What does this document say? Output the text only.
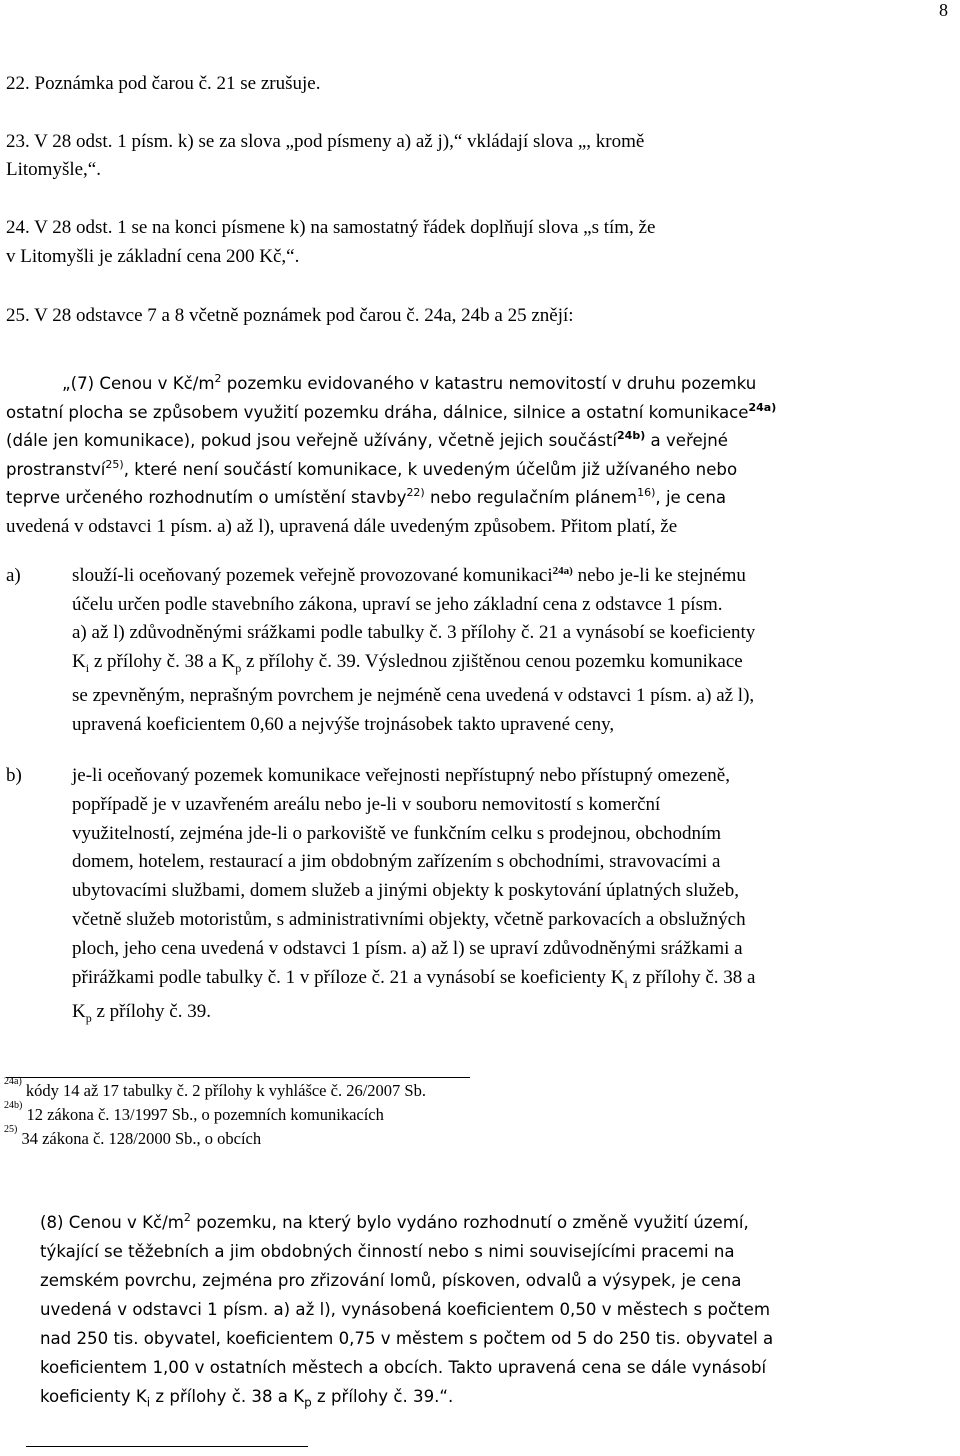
8
22. Poznámka pod čarou č. 21 se zrušuje.
23. V 28 odst. 1 písm. k) se za slova „pod písmeny a) až j),“ vkládají slova „, kromě
Litomyšle,“.
24. V 28 odst. 1 se na konci písmene k) na samostatný řádek doplňují slova „s tím, že
v Litomyšli je základní cena 200 Kč,“.
25. V 28 odstavce 7 a 8 včetně poznámek pod čarou č. 24a, 24b a 25 znějí:
„(7) Cenou v $Kč/m^2$ pozemku evidovaného v katastru nemovitostí v druhu pozemku
ostatní plocha se způsobem využití pozemku dráha, dálnice, silnice a ostatní komunikace$^{24a)}$
(dále jen komunikace), pokud jsou veřejně užívány, včetně jejich součástí$^{24b)}$ a veřejné
prostranství$^{25)}$, které není součástí komunikace, k uvedeným účelům již užívaného nebo
teprve určeného rozhodnutím o umístění stavby$^{22)}$ nebo regulačním plánem$^{16)}$, je cena
uvedená v odstavci 1 písm. a) až l), upravená dále uvedeným způsobem. Přitom platí, že
a)	slouží-li oceňovaný pozemek veřejně provozované komunikaci$^{24a)}$ nebo je-li ke stejnému
účelu určen podle stavebního zákona, upraví se jeho základní cena z odstavce 1 písm.
a) až l) zdůvodněnými srážkami podle tabulky č. 3 přílohy č. 21 a vynásobí se koeficienty
$K_i$ z přílohy č. 38 a $K_p$ z přílohy č. 39. Výslednou zjištěnou cenou pozemku komunikace
se zpevněným, neprašným povrchem je nejméně cena uvedená v odstavci 1 písm. a) až l),
upravená koeficientem 0,60 a nejvýše trojnásobek takto upravené ceny,
b)	je-li oceňovaný pozemek komunikace veřejnosti nepřístupný nebo přístupný omezeně,
popřípadě je v uzavřeném areálu nebo je-li v souboru nemovitostí s komerční
využitelností, zejména jde-li o parkoviště ve funkčním celku s prodejnou, obchodním
domem, hotelem, restaurací a jim obdobným zařízením s obchodními, stravovacími a
ubytovacími službami, domem služeb a jinými objekty k poskytování úplatných služeb,
včetně služeb motoristům, s administrativními objekty, včetně parkovacích a obslužných
ploch, jeho cena uvedená v odstavci 1 písm. a) až l) se upraví zdůvodněnými srážkami a
přirážkami podle tabulky č. 1 v příloze č. 21 a vynásobí se koeficienty $K_i$ z přílohy č. 38 a
$K_p$ z přílohy č. 39.
$^{24a)}$ kódy 14 až 17 tabulky č. 2 přílohy k vyhlášce č. 26/2007 Sb.
$^{24b)}$ 12 zákona č. 13/1997 Sb., o pozemních komunikacích
$^{25)}$ 34 zákona č. 128/2000 Sb., o obcích
(8) Cenou v $Kč/m^2$ pozemku, na který bylo vydáno rozhodnutí o změně využití území,
týkající se těžebních a jim obdobných činností nebo s nimi souvisejícími pracemi na
zemském povrchu, zejména pro zřizování lomů, pískoven, odvalů a výsypek, je cena
uvedená v odstavci 1 písm. a) až l), vynásobená koeficientem 0,50 v městech s počtem
nad 250 tis. obyvatel, koeficientem 0,75 v městem s počtem od 5 do 250 tis. obyvatel a
koeficientem 1,00 v ostatních městech a obcích. Takto upravená cena se dále vynásobí
koeficienty $K_i$ z přílohy č. 38 a $K_p$ z přílohy č. 39.“.
